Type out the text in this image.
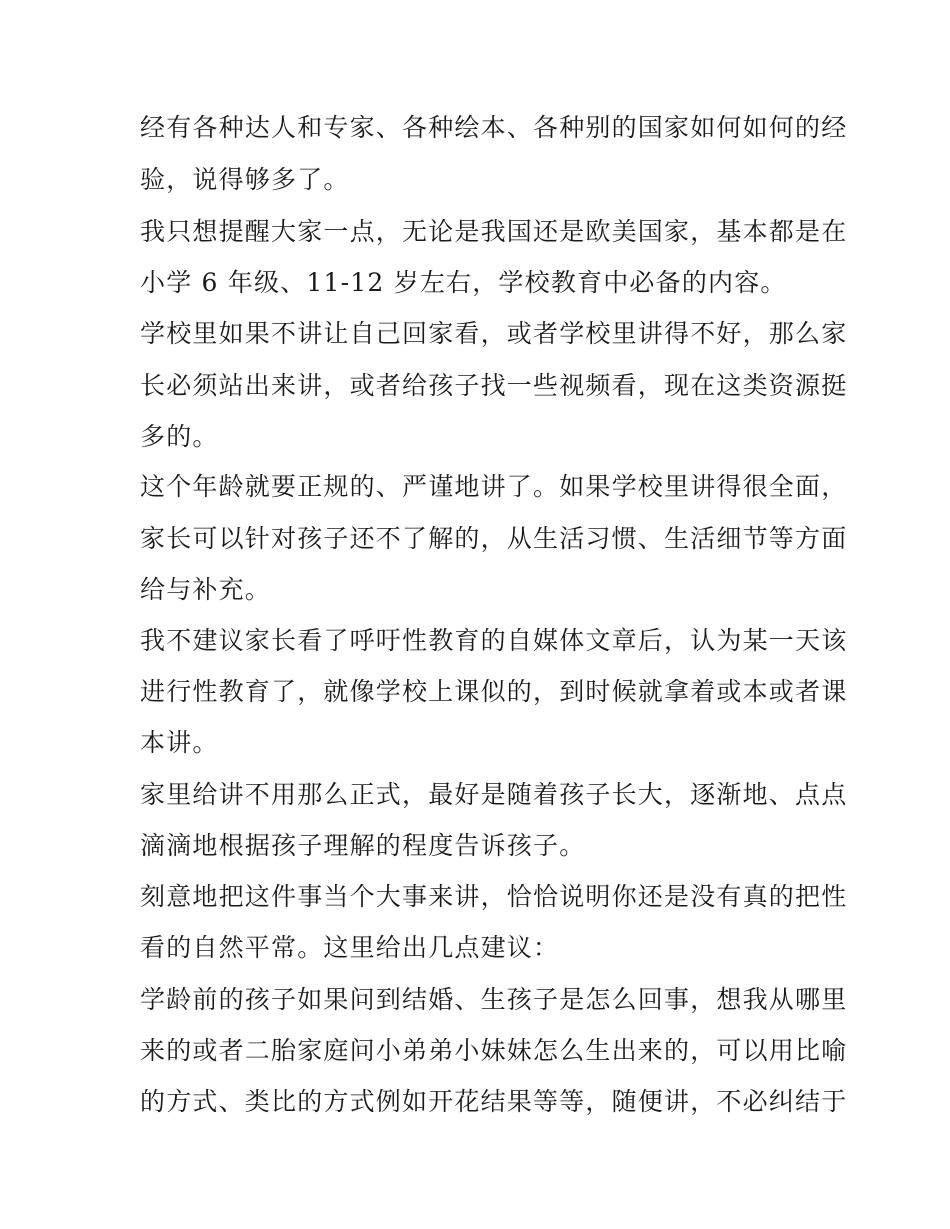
经有各种达人和专家、各种绘本、各种别的国家如何如何的经
验，说得够多了。
我只想提醒大家一点，无论是我国还是欧美国家，基本都是在
小学 6 年级、11-12 岁左右，学校教育中必备的内容。
学校里如果不讲让自己回家看，或者学校里讲得不好，那么家
长必须站出来讲，或者给孩子找一些视频看，现在这类资源挺
多的。
这个年龄就要正规的、严谨地讲了。如果学校里讲得很全面，
家长可以针对孩子还不了解的，从生活习惯、生活细节等方面
给与补充。
我不建议家长看了呼吁性教育的自媒体文章后，认为某一天该
进行性教育了，就像学校上课似的，到时候就拿着或本或者课
本讲。
家里给讲不用那么正式，最好是随着孩子长大，逐渐地、点点
滴滴地根据孩子理解的程度告诉孩子。
刻意地把这件事当个大事来讲，恰恰说明你还是没有真的把性
看的自然平常。这里给出几点建议：
学龄前的孩子如果问到结婚、生孩子是怎么回事，想我从哪里
来的或者二胎家庭问小弟弟小妹妹怎么生出来的，可以用比喻
的方式、类比的方式例如开花结果等等，随便讲，不必纠结于
